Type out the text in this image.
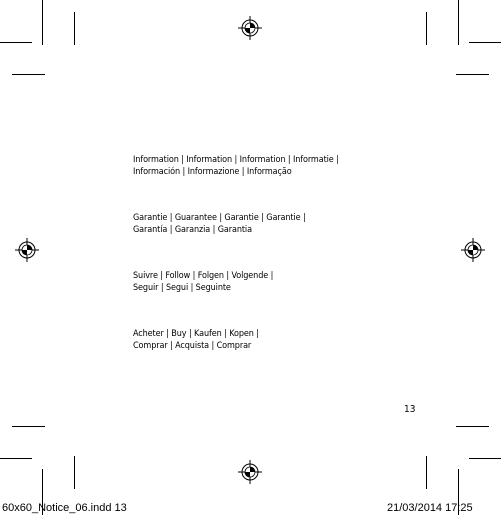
Information | Information | Information | Informatie |
Información | Informazione | Informação

Garantie | Guarantee | Garantie | Garantie |
Garantía | Garanzia | Garantia

Suivre | Follow | Folgen | Volgende |
Seguir | Segui | Seguinte

Acheter | Buy | Kaufen | Kopen |
Comprar | Acquista | Comprar

13
60x60_Notice_06.indd 13	21/03/2014 17:25
